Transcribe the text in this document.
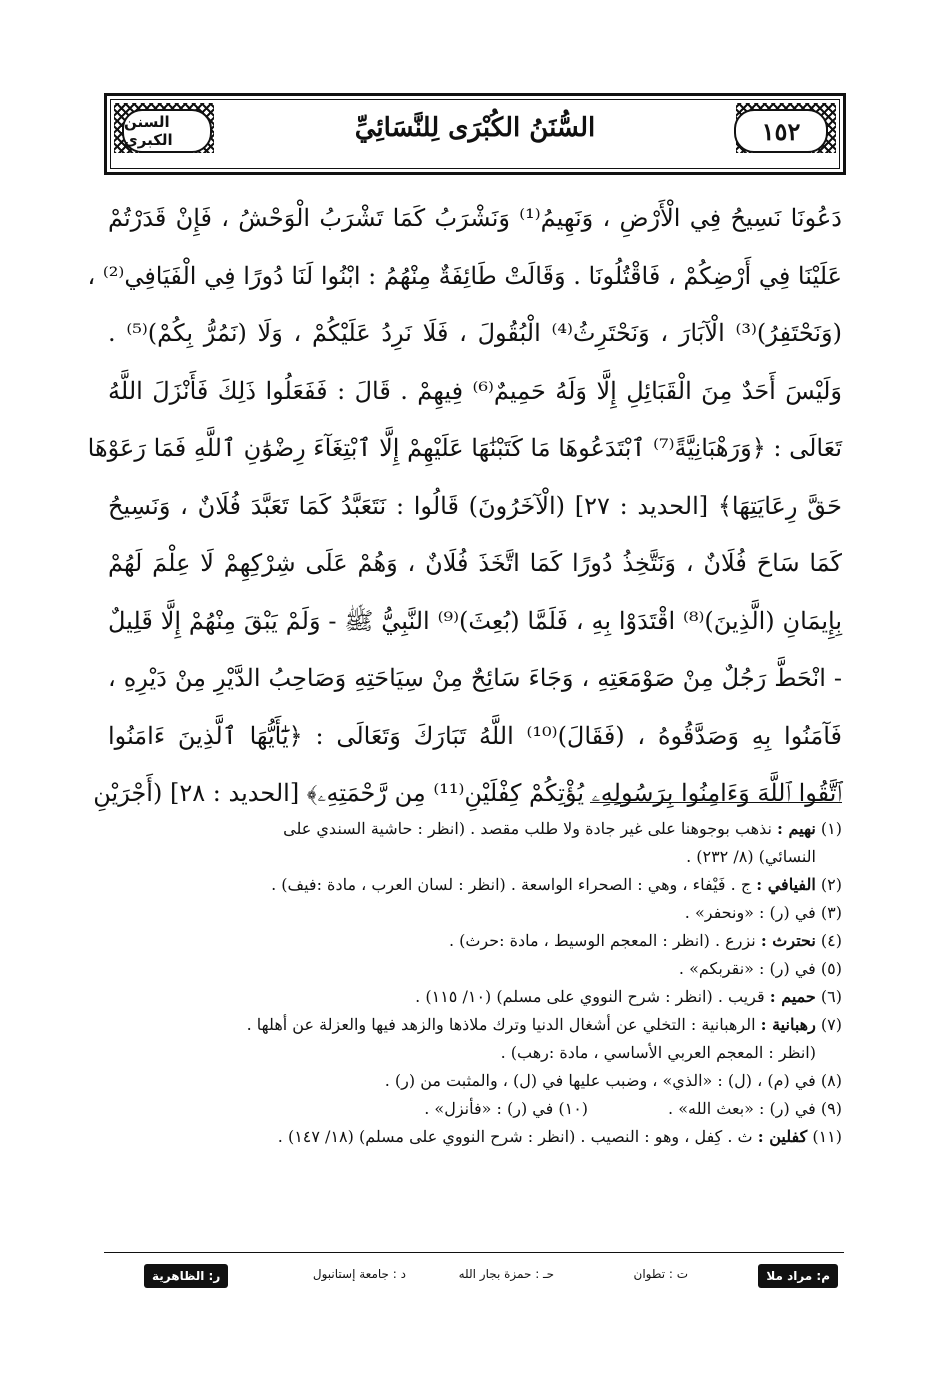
السنن الكبرى	السُّنَنُ الكُبْرَى لِلنَّسَائِيِّ	١٥٢
دَعُونَا نَسِيحُ فِي الْأَرْضِ ، وَنَهِيمُ⁽¹⁾ وَنَشْرَبُ كَمَا تَشْرَبُ الْوَحْشُ ، فَإِنْ قَدَرْتُمْ
عَلَيْنَا فِي أَرْضِكُمْ ، فَاقْتُلُونَا . وَقَالَتْ طَائِفَةٌ مِنْهُمُ : ابْنُوا لَنَا دُورًا فِي الْفَيَافِي⁽²⁾ ،
(وَنَحْتَفِرُ)⁽³⁾ الْآبَارَ ، وَنَحْتَرِثُ⁽⁴⁾ الْبُقُولَ ، فَلَا نَرِدُ عَلَيْكُمْ ، وَلَا (نَمُرُّ بِكُمْ)⁽⁵⁾ .
وَلَيْسَ أَحَدٌ مِنَ الْقَبَائِلِ إِلَّا وَلَهُ حَمِيمٌ⁽⁶⁾ فِيهِمْ . قَالَ : فَفَعَلُوا ذَلِكَ فَأَنْزَلَ اللَّهُ
تَعَالَى : ﴿وَرَهْبَانِيَّةً⁽⁷⁾ ٱبْتَدَعُوهَا مَا كَتَبْنَٰهَا عَلَيْهِمْ إِلَّا ٱبْتِغَآءَ رِضْوَٰنِ ٱللَّهِ فَمَا رَعَوْهَا
حَقَّ رِعَايَتِهَا﴾ [الحديد : ٢٧] (الْآخَرُونَ) قَالُوا : نَتَعَبَّدُ كَمَا تَعَبَّدَ فُلَانٌ ، وَنَسِيحُ
كَمَا سَاحَ فُلَانٌ ، وَنَتَّخِذُ دُورًا كَمَا اتَّخَذَ فُلَانٌ ، وَهُمْ عَلَى شِرْكِهِمْ لَا عِلْمَ لَهُمْ
بِإِيمَانِ (الَّذِينَ)⁽⁸⁾ اقْتَدَوْا بِهِ ، فَلَمَّا (بُعِثَ)⁽⁹⁾ النَّبِيُّ ﷺ - وَلَمْ يَبْقَ مِنْهُمْ إِلَّا قَلِيلٌ
- انْحَطَّ رَجُلٌ مِنْ صَوْمَعَتِهِ ، وَجَاءَ سَائِحٌ مِنْ سِيَاحَتِهِ وَصَاحِبُ الدَّيْرِ مِنْ دَيْرِهِ ،
فَآمَنُوا بِهِ وَصَدَّقُوهُ ، (فَقَالَ)⁽¹⁰⁾ اللَّهُ تَبَارَكَ وَتَعَالَى : ﴿يَٰٓأَيُّهَا ٱلَّذِينَ ءَامَنُوا
ٱتَّقُوا ٱللَّهَ وَءَامِنُوا بِرَسُولِهِۦ يُؤْتِكُمْ كِفْلَيْنِ⁽¹¹⁾ مِن رَّحْمَتِهِۦ﴾ [الحديد : ٢٨] (أَجْرَيْنِ
(١) نهيم : نذهب بوجوهنا على غير جادة ولا طلب مقصد . (انظر : حاشية السندي على
النسائي) (٨/ ٢٣٢) .
(٢) الفيافي : ج . فَيْفاء ، وهي : الصحراء الواسعة . (انظر : لسان العرب ، مادة :فيف) .
(٣) في (ر) : «ونحفر» .
(٤) نحترث : نزرع . (انظر : المعجم الوسيط ، مادة :حرث) .
(٥) في (ر) : «نقربكم» .
(٦) حميم : قريب . (انظر : شرح النووي على مسلم) (١٠/ ١١٥) .
(٧) رهبانية : الرهبانية : التخلي عن أشغال الدنيا وترك ملاذها والزهد فيها والعزلة عن أهلها .
(انظر : المعجم العربي الأساسي ، مادة :رهب) .
(٨) في (م) ، (ل) : «الذي» ، وضبب عليها في (ل) ، والمثبت من (ر) .
(٩) في (ر) : «بعث الله» .
(١٠) في (ر) : «فأنزل» .
(١١) كفلين : ث . كِفل ، وهو : النصيب . (انظر : شرح النووي على مسلم) (١٨/ ١٤٧) .
م: مراد ملا
ت : تطوان
حـ : حمزة بجار الله
د : جامعة إستانبول
ر: الظاهرية
